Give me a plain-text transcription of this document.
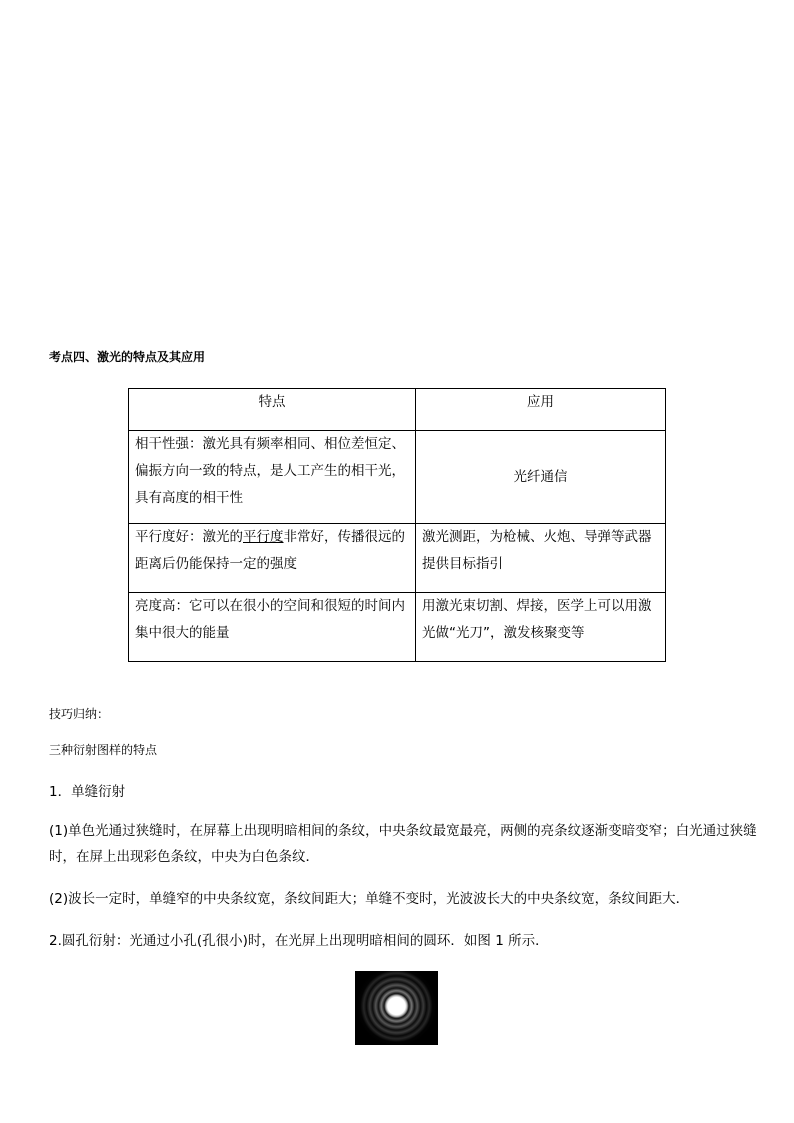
考点四、激光的特点及其应用
特点	应用
相干性强：激光具有频率相同、相位差恒定、偏振方向一致的特点，是人工产生的相干光，具有高度的相干性	光纤通信
平行度好：激光的平行度非常好，传播很远的距离后仍能保持一定的强度	激光测距，为枪械、火炮、导弹等武器提供目标指引
亮度高：它可以在很小的空间和很短的时间内集中很大的能量	用激光束切割、焊接，医学上可以用激光做“光刀”，激发核聚变等
技巧归纳：
三种衍射图样的特点
1．单缝衍射
(1)单色光通过狭缝时，在屏幕上出现明暗相间的条纹，中央条纹最宽最亮，两侧的亮条纹逐渐变暗变窄；白光通过狭缝时，在屏上出现彩色条纹，中央为白色条纹．
(2)波长一定时，单缝窄的中央条纹宽，条纹间距大；单缝不变时，光波波长大的中央条纹宽，条纹间距大．
2.圆孔衍射：光通过小孔(孔很小)时，在光屏上出现明暗相间的圆环．如图 1 所示．
